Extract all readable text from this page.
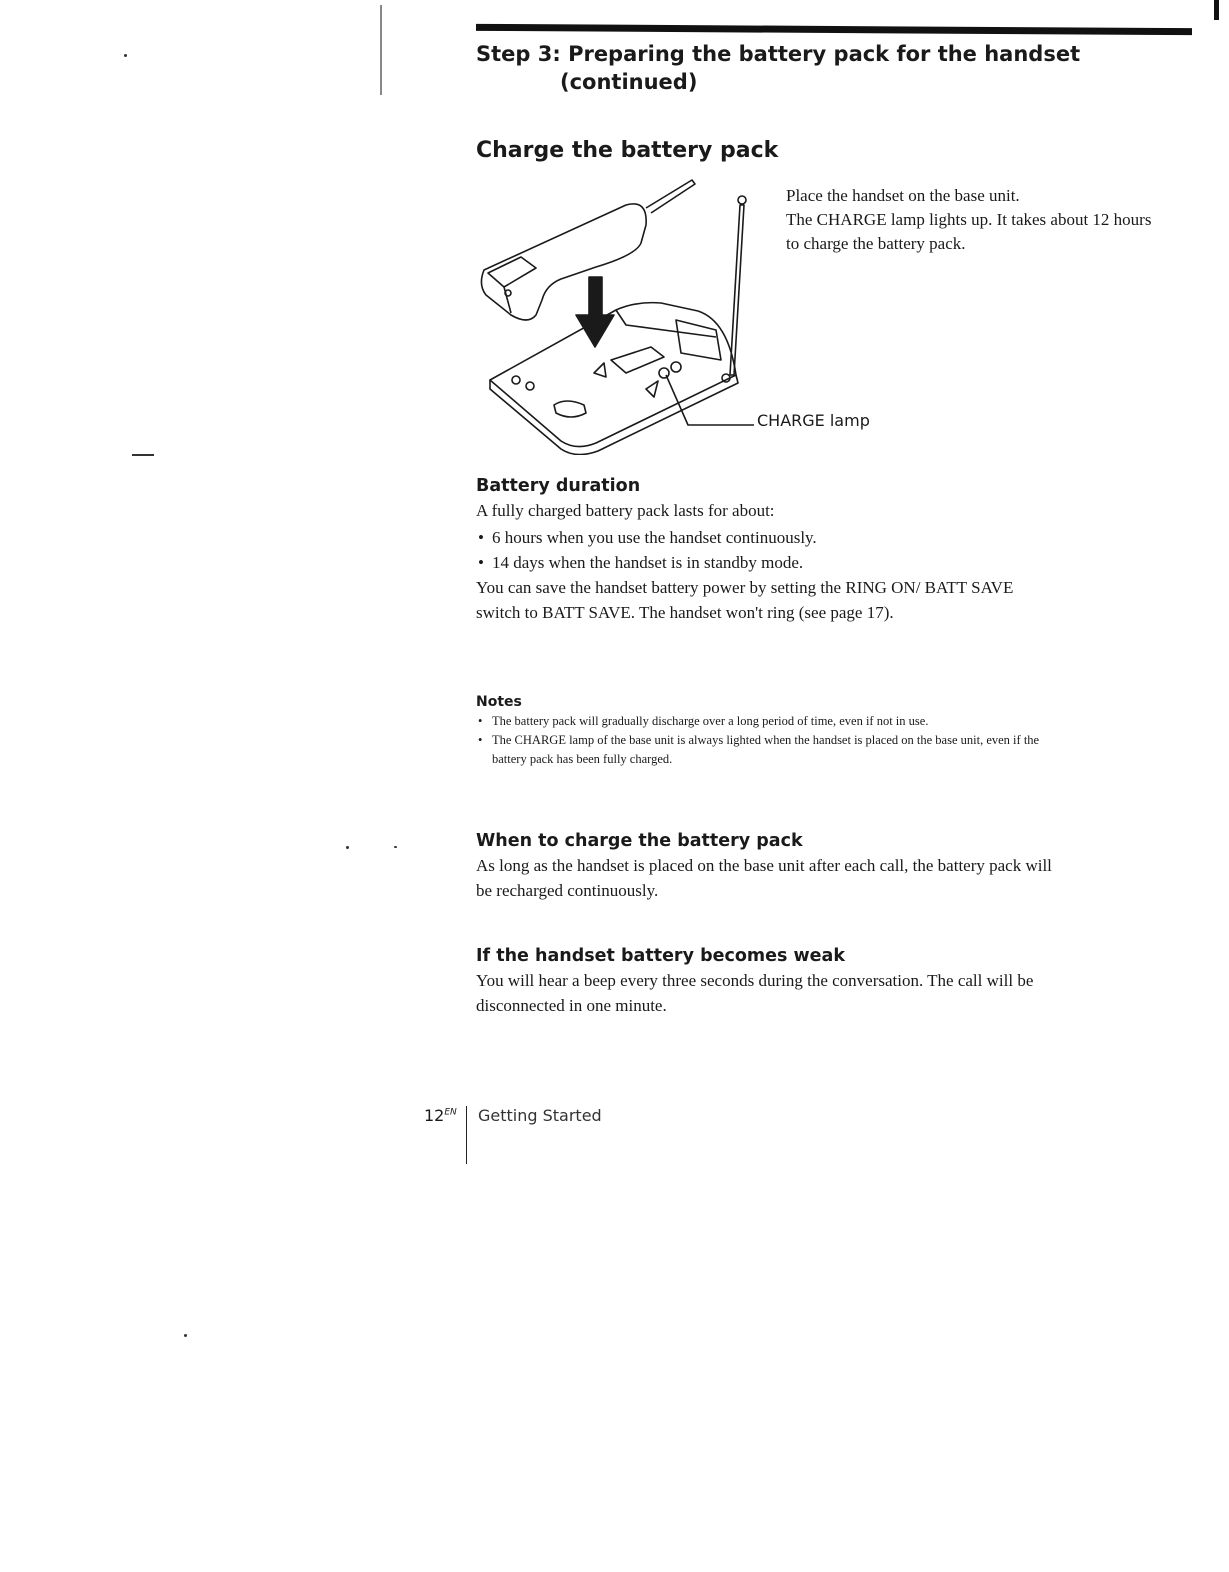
Step 3: Preparing the battery pack for the handset
(continued)
Charge the battery pack
CHARGE lamp

Place the handset on the base unit.

The CHARGE lamp lights up. It takes about 12 hours to charge the battery pack.

Battery duration

A fully charged battery pack lasts for about:

• 6 hours when you use the handset continuously.
• 14 days when the handset is in standby mode.

You can save the handset battery power by setting the RING ON/ BATT SAVE switch to BATT SAVE. The handset won't ring (see page 17).

Notes
• The battery pack will gradually discharge over a long period of time, even if not in use.
• The CHARGE lamp of the base unit is always lighted when the handset is placed on the base unit, even if the battery pack has been fully charged.
When to charge the battery pack

As long as the handset is placed on the base unit after each call, the battery pack will be recharged continuously.

If the handset battery becomes weak

You will hear a beep every three seconds during the conversation. The call will be disconnected in one minute.

$12^{EN}$ Getting Started
